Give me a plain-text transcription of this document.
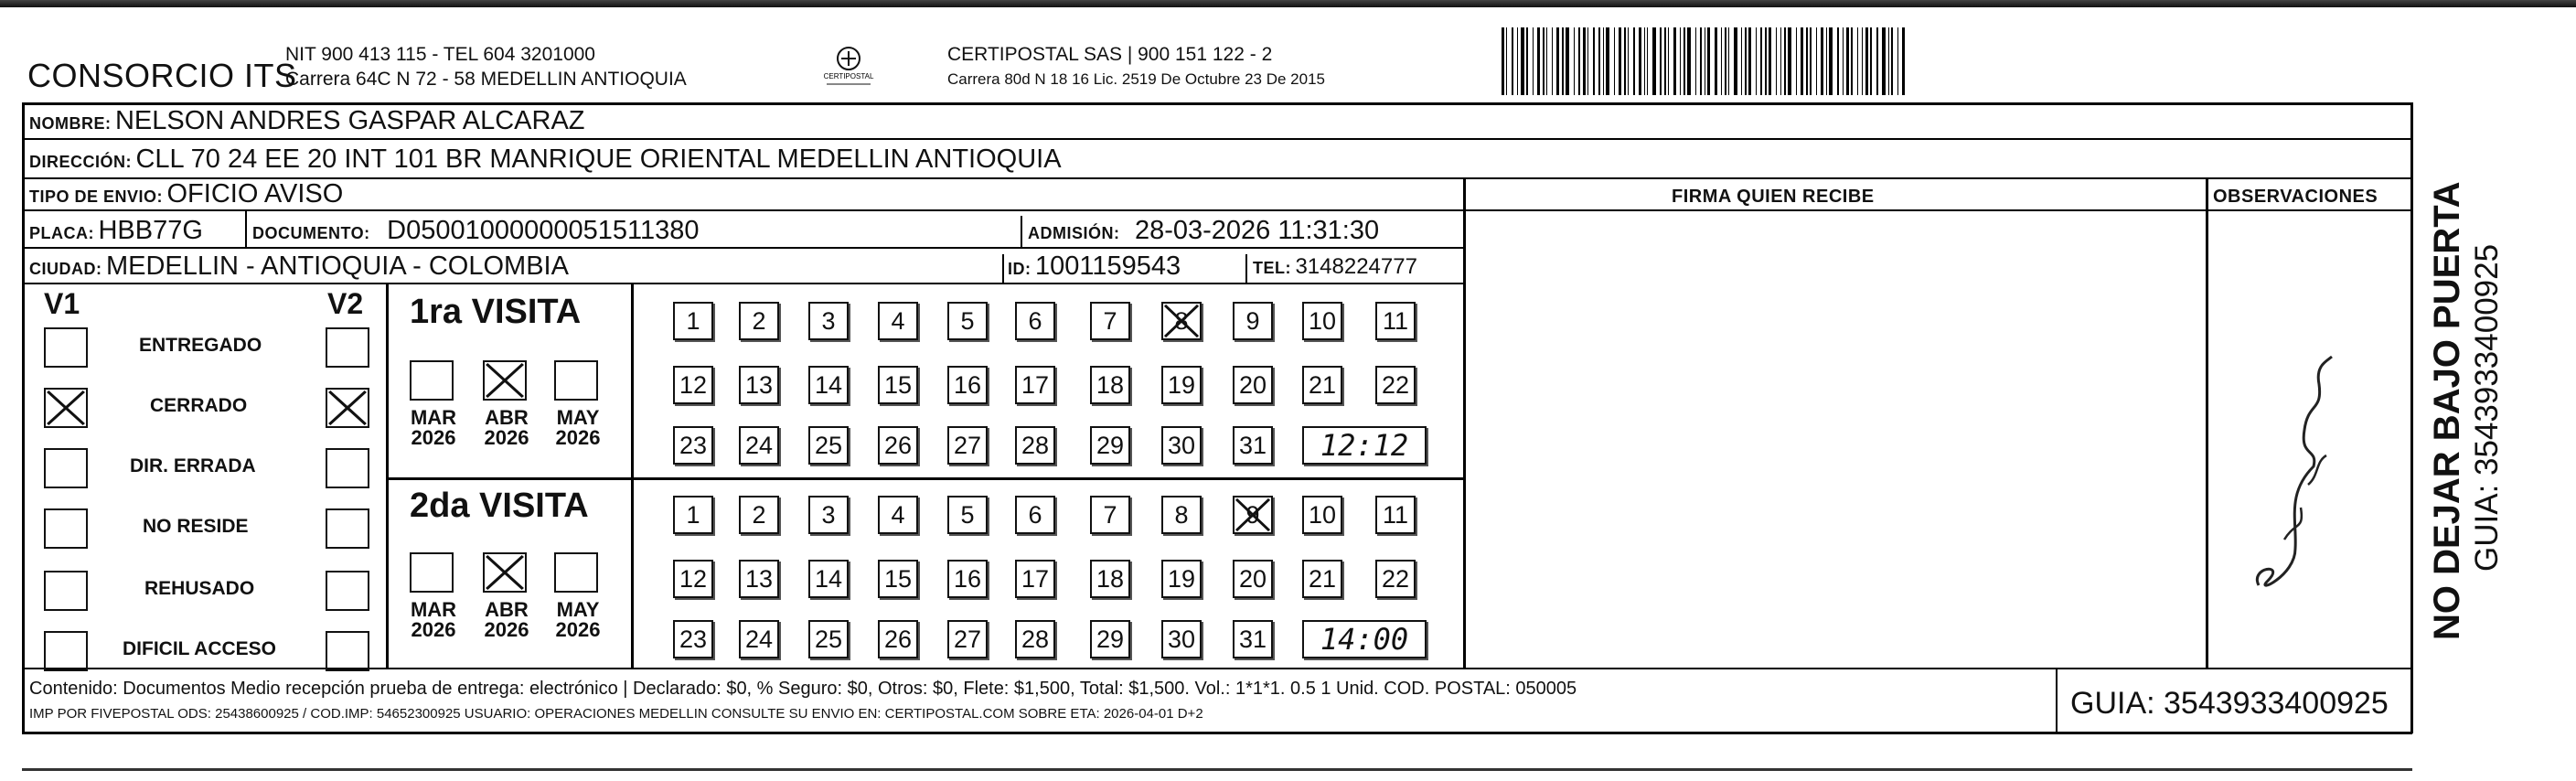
CONSORCIO ITS
NIT 900 413 115 - TEL 604 3201000
Carrera 64C N 72 - 58 MEDELLIN ANTIOQUIA	CERTIPOSTAL
CERTIPOSTAL SAS | 900 151 122 - 2
Carrera 80d N 18 16 Lic. 2519 De Octubre 23 De 2015
NOMBRE: NELSON ANDRES GASPAR ALCARAZ
DIRECCIÓN: CLL 70 24 EE 20 INT 101 BR MANRIQUE ORIENTAL MEDELLIN ANTIOQUIA
TIPO DE ENVIO: OFICIO AVISO
PLACA: HBB77G	DOCUMENTO: D05001000000051511380	ADMISIÓN: 28-03-2026 11:31:30
CIUDAD: MEDELLIN - ANTIOQUIA - COLOMBIA	ID: 1001159543	TEL: 3148224777
FIRMA QUIEN RECIBE	OBSERVACIONES
V1	V2
ENTREGADO
CERRADO
DIR. ERRADA
NO RESIDE
REHUSADO
DIFICIL ACCESO
1ra VISITA
MAR
2026
ABR
2026
MAY
2026
1 2 3 4 5 6 7 8 9 10 11
12 13 14 15 16 17 18 19 20 21 22
23 24 25 26 27 28 29 30 31 12:12
2da VISITA
MAR
2026
ABR
2026
MAY
2026
1 2 3 4 5 6 7 8 9 10 11
12 13 14 15 16 17 18 19 20 21 22
23 24 25 26 27 28 29 30 31 14:00
Contenido: Documentos Medio recepción prueba de entrega: electrónico | Declarado: $0, % Seguro: $0, Otros: $0, Flete: $1,500, Total: $1,500. Vol.: 1*1*1. 0.5 1 Unid. COD. POSTAL: 050005
IMP POR FIVEPOSTAL ODS: 25438600925 / COD.IMP: 54652300925 USUARIO: OPERACIONES MEDELLIN CONSULTE SU ENVIO EN: CERTIPOSTAL.COM SOBRE ETA: 2026-04-01 D+2	GUIA: 3543933400925
NO DEJAR BAJO PUERTA GUIA: 3543933400925
